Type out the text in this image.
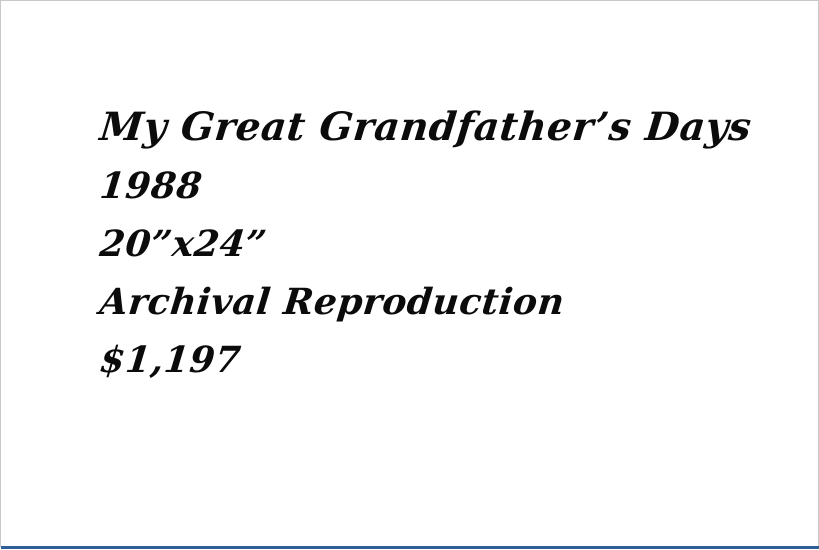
My Great Grandfather’s Days
1988
20”x24”
Archival Reproduction
$1,197
